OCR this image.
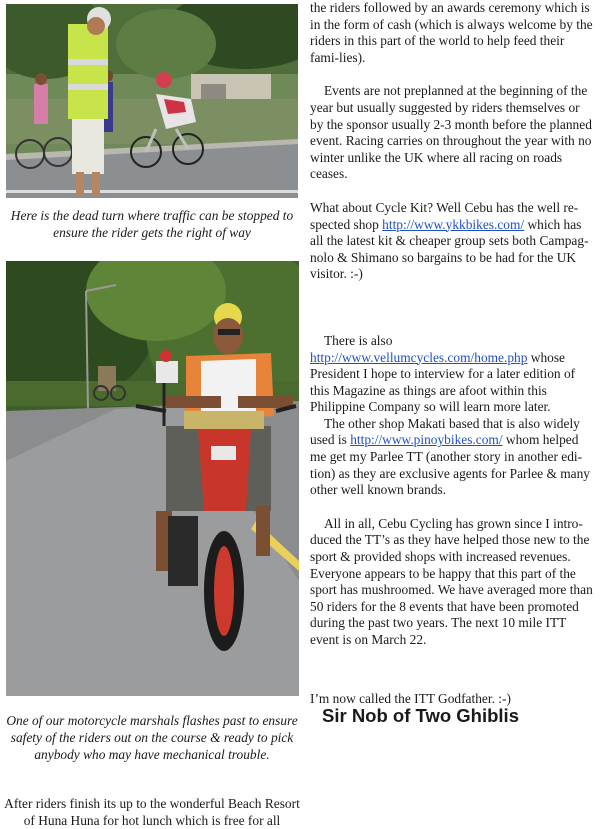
Here is the dead turn where traffic can be stopped to ensure the rider gets the right of way
One of our motorcycle marshals flashes past to ensure safety of the riders out on the course & ready to pick anybody who may have mechanical trouble.
After riders finish its up to the wonderful Beach Resort of Huna Huna for hot lunch which is free for all

the riders followed by an awards ceremony which is in the form of cash (which is always welcome by the riders in this part of the world to help feed their fami-lies).

Events are not preplanned at the beginning of the year but usually suggested by riders themselves or by the sponsor usually 2-3 month before the planned event. Racing carries on throughout the year with no winter unlike the UK where all racing on roads ceases.

What about Cycle Kit? Well Cebu has the well re-spected shop http://www.ykkbikes.com/ which has all the latest kit & cheaper group sets both Campag-nolo & Shimano so bargains to be had for the UK visitor. :-)

There is also http://www.vellumcycles.com/home.php whose President I hope to interview for a later edition of this Magazine as things are afoot within this Philippine Company so will learn more later.

The other shop Makati based that is also widely used is http://www.pinoybikes.com/ whom helped me get my Parlee TT (another story in another edi-tion) as they are exclusive agents for Parlee & many other well known brands.

All in all, Cebu Cycling has grown since I intro-duced the TT’s as they have helped those new to the sport & provided shops with increased revenues. Everyone appears to be happy that this part of the sport has mushroomed. We have averaged more than 50 riders for the 8 events that have been promoted during the past two years. The next 10 mile ITT event is on March 22.

I’m now called the ITT Godfather. :-)

Sir Nob of Two Ghiblis
